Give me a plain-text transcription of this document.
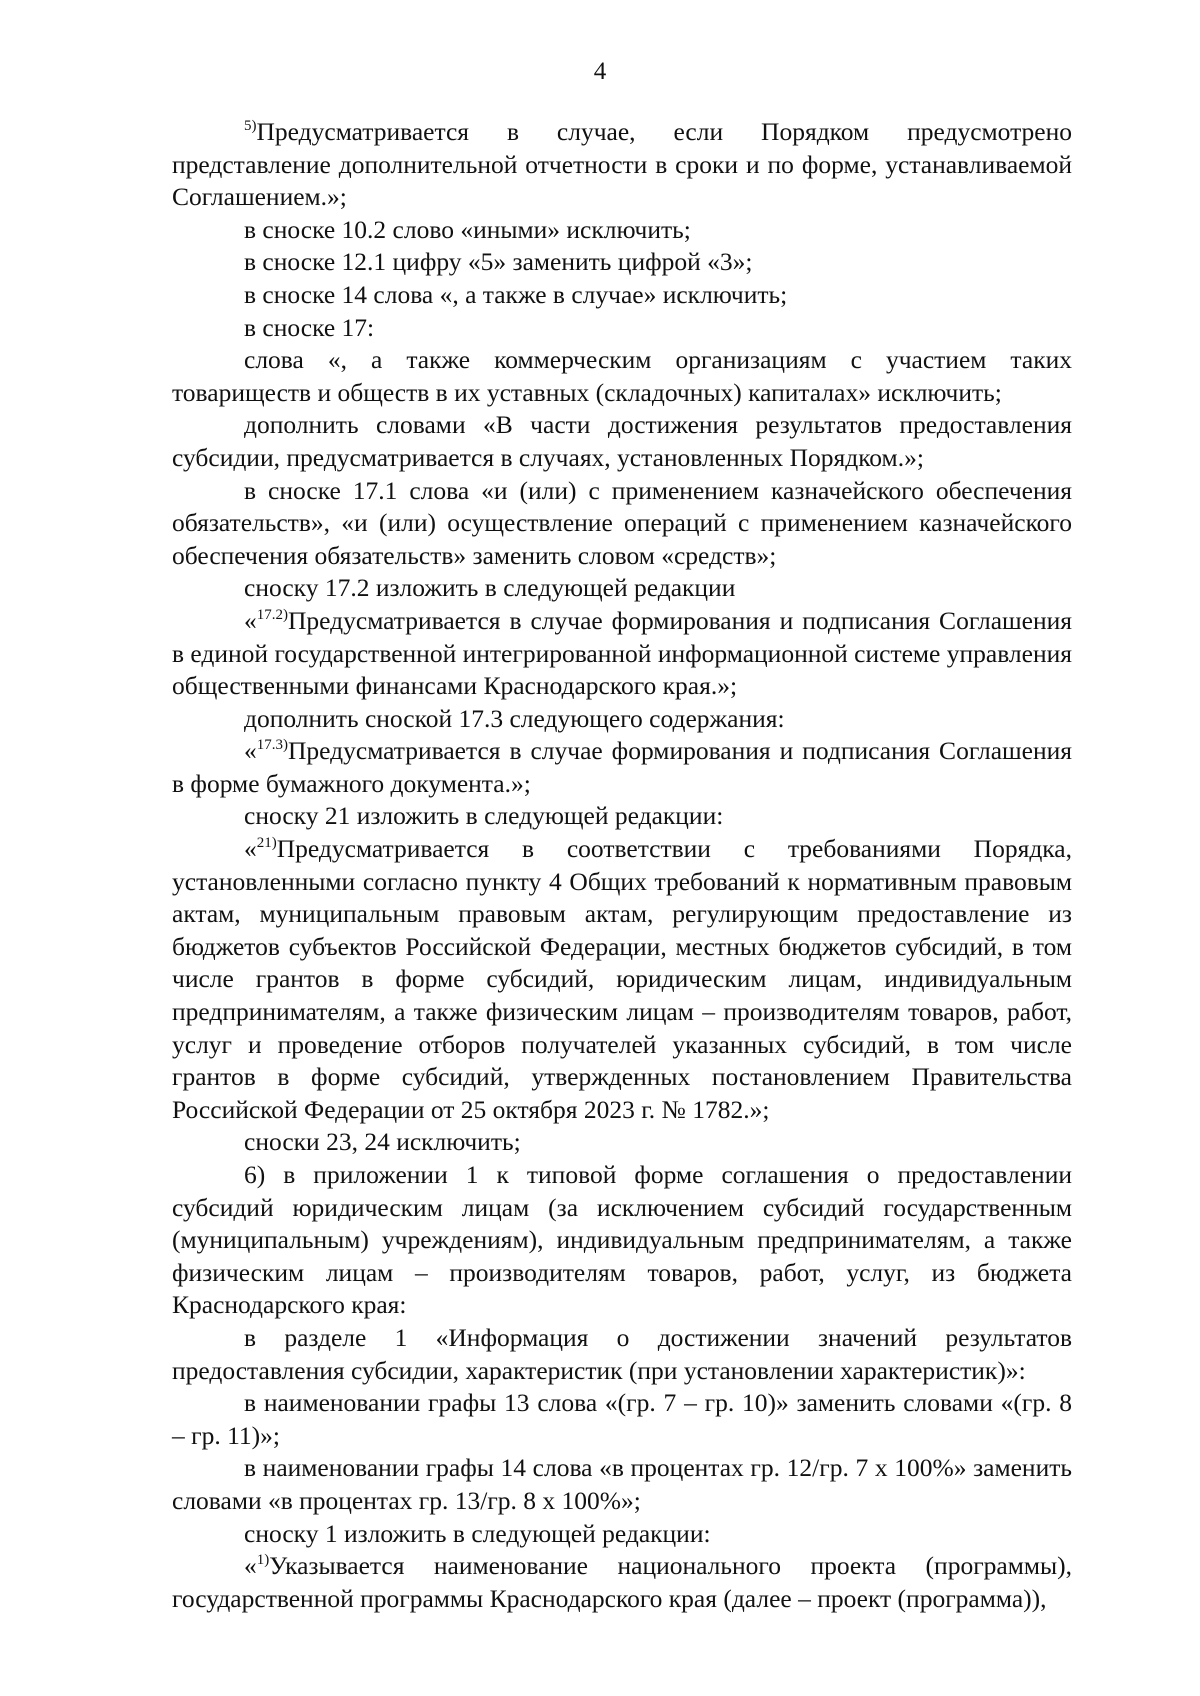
4

$^{5)}$Предусматривается в случае, если Порядком предусмотрено представление дополнительной отчетности в сроки и по форме, устанавливаемой Соглашением.»;

в сноске 10.2 слово «иными» исключить;

в сноске 12.1 цифру «5» заменить цифрой «3»;

в сноске 14 слова «, а также в случае» исключить;

в сноске 17:

слова «, а также коммерческим организациям с участием таких товариществ и обществ в их уставных (складочных) капиталах» исключить;

дополнить словами «В части достижения результатов предоставления субсидии, предусматривается в случаях, установленных Порядком.»;

в сноске 17.1 слова «и (или) с применением казначейского обеспечения обязательств», «и (или) осуществление операций с применением казначейского обеспечения обязательств» заменить словом «средств»;

сноску 17.2 изложить в следующей редакции

«$^{17.2)}$Предусматривается в случае формирования и подписания Соглашения в единой государственной интегрированной информационной системе управления общественными финансами Краснодарского края.»;

дополнить сноской 17.3 следующего содержания:

«$^{17.3)}$Предусматривается в случае формирования и подписания Соглашения в форме бумажного документа.»;

сноску 21 изложить в следующей редакции:

«$^{21)}$Предусматривается в соответствии с требованиями Порядка, установленными согласно пункту 4 Общих требований к нормативным правовым актам, муниципальным правовым актам, регулирующим предоставление из бюджетов субъектов Российской Федерации, местных бюджетов субсидий, в том числе грантов в форме субсидий, юридическим лицам, индивидуальным предпринимателям, а также физическим лицам – производителям товаров, работ, услуг и проведение отборов получателей указанных субсидий, в том числе грантов в форме субсидий, утвержденных постановлением Правительства Российской Федерации от 25 октября 2023 г. № 1782.»;

сноски 23, 24 исключить;

6) в приложении 1 к типовой форме соглашения о предоставлении субсидий юридическим лицам (за исключением субсидий государственным (муниципальным) учреждениям), индивидуальным предпринимателям, а также физическим лицам – производителям товаров, работ, услуг, из бюджета Краснодарского края:

в разделе 1 «Информация о достижении значений результатов предоставления субсидии, характеристик (при установлении характеристик)»:

в наименовании графы 13 слова «(гр. 7 – гр. 10)» заменить словами «(гр. 8 – гр. 11)»;

в наименовании графы 14 слова «в процентах гр. 12/гр. 7 х 100%» заменить словами «в процентах гр. 13/гр. 8 х 100%»;

сноску 1 изложить в следующей редакции:

«$^{1)}$Указывается наименование национального проекта (программы), государственной программы Краснодарского края (далее – проект (программа)),
